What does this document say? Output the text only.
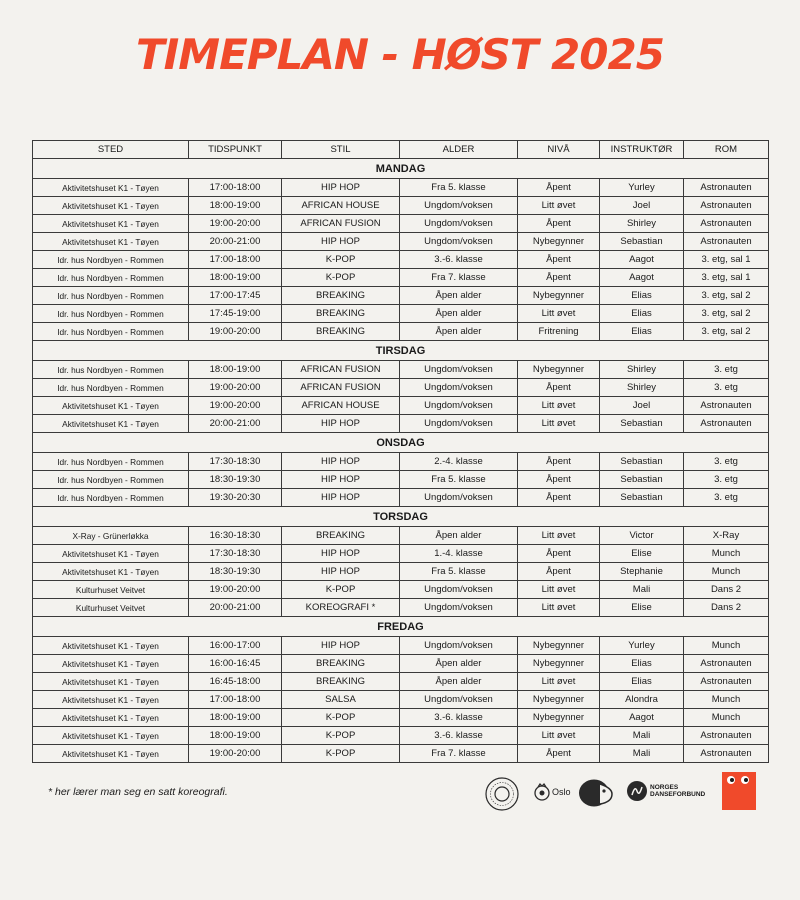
TIMEPLAN - HØST 2025
STED	TIDSPUNKT	STIL	ALDER	NIVÅ	INSTRUKTØR	ROM
MANDAG						
Aktivitetshuset K1 - Tøyen	17:00-18:00	HIP HOP	Fra 5. klasse	Åpent	Yurley	Astronauten
Aktivitetshuset K1 - Tøyen	18:00-19:00	AFRICAN HOUSE	Ungdom/voksen	Litt øvet	Joel	Astronauten
Aktivitetshuset K1 - Tøyen	19:00-20:00	AFRICAN FUSION	Ungdom/voksen	Åpent	Shirley	Astronauten
Aktivitetshuset K1 - Tøyen	20:00-21:00	HIP HOP	Ungdom/voksen	Nybegynner	Sebastian	Astronauten
Idr. hus Nordbyen - Rommen	17:00-18:00	K-POP	3.-6. klasse	Åpent	Aagot	3. etg, sal 1
Idr. hus Nordbyen - Rommen	18:00-19:00	K-POP	Fra 7. klasse	Åpent	Aagot	3. etg, sal 1
Idr. hus Nordbyen - Rommen	17:00-17:45	BREAKING	Åpen alder	Nybegynner	Elias	3. etg, sal 2
Idr. hus Nordbyen - Rommen	17:45-19:00	BREAKING	Åpen alder	Litt øvet	Elias	3. etg, sal 2
Idr. hus Nordbyen - Rommen	19:00-20:00	BREAKING	Åpen alder	Fritrening	Elias	3. etg, sal 2
TIRSDAG						
Idr. hus Nordbyen - Rommen	18:00-19:00	AFRICAN FUSION	Ungdom/voksen	Nybegynner	Shirley	3. etg
Idr. hus Nordbyen - Rommen	19:00-20:00	AFRICAN FUSION	Ungdom/voksen	Åpent	Shirley	3. etg
Aktivitetshuset K1 - Tøyen	19:00-20:00	AFRICAN HOUSE	Ungdom/voksen	Litt øvet	Joel	Astronauten
Aktivitetshuset K1 - Tøyen	20:00-21:00	HIP HOP	Ungdom/voksen	Litt øvet	Sebastian	Astronauten
ONSDAG						
Idr. hus Nordbyen - Rommen	17:30-18:30	HIP HOP	2.-4. klasse	Åpent	Sebastian	3. etg
Idr. hus Nordbyen - Rommen	18:30-19:30	HIP HOP	Fra 5. klasse	Åpent	Sebastian	3. etg
Idr. hus Nordbyen - Rommen	19:30-20:30	HIP HOP	Ungdom/voksen	Åpent	Sebastian	3. etg
TORSDAG						
X-Ray - Grünerløkka	16:30-18:30	BREAKING	Åpen alder	Litt øvet	Victor	X-Ray
Aktivitetshuset K1 - Tøyen	17:30-18:30	HIP HOP	1.-4. klasse	Åpent	Elise	Munch
Aktivitetshuset K1 - Tøyen	18:30-19:30	HIP HOP	Fra 5. klasse	Åpent	Stephanie	Munch
Kulturhuset Veitvet	19:00-20:00	K-POP	Ungdom/voksen	Litt øvet	Mali	Dans 2
Kulturhuset Veitvet	20:00-21:00	KOREOGRAFI *	Ungdom/voksen	Litt øvet	Elise	Dans 2
FREDAG						
Aktivitetshuset K1 - Tøyen	16:00-17:00	HIP HOP	Ungdom/voksen	Nybegynner	Yurley	Munch
Aktivitetshuset K1 - Tøyen	16:00-16:45	BREAKING	Åpen alder	Nybegynner	Elias	Astronauten
Aktivitetshuset K1 - Tøyen	16:45-18:00	BREAKING	Åpen alder	Litt øvet	Elias	Astronauten
Aktivitetshuset K1 - Tøyen	17:00-18:00	SALSA	Ungdom/voksen	Nybegynner	Alondra	Munch
Aktivitetshuset K1 - Tøyen	18:00-19:00	K-POP	3.-6. klasse	Nybegynner	Aagot	Munch
Aktivitetshuset K1 - Tøyen	18:00-19:00	K-POP	3.-6. klasse	Litt øvet	Mali	Astronauten
Aktivitetshuset K1 - Tøyen	19:00-20:00	K-POP	Fra 7. klasse	Åpent	Mali	Astronauten
* her lærer man seg en satt koreografi.	Oslo	NORGES
DANSEFORBUND
